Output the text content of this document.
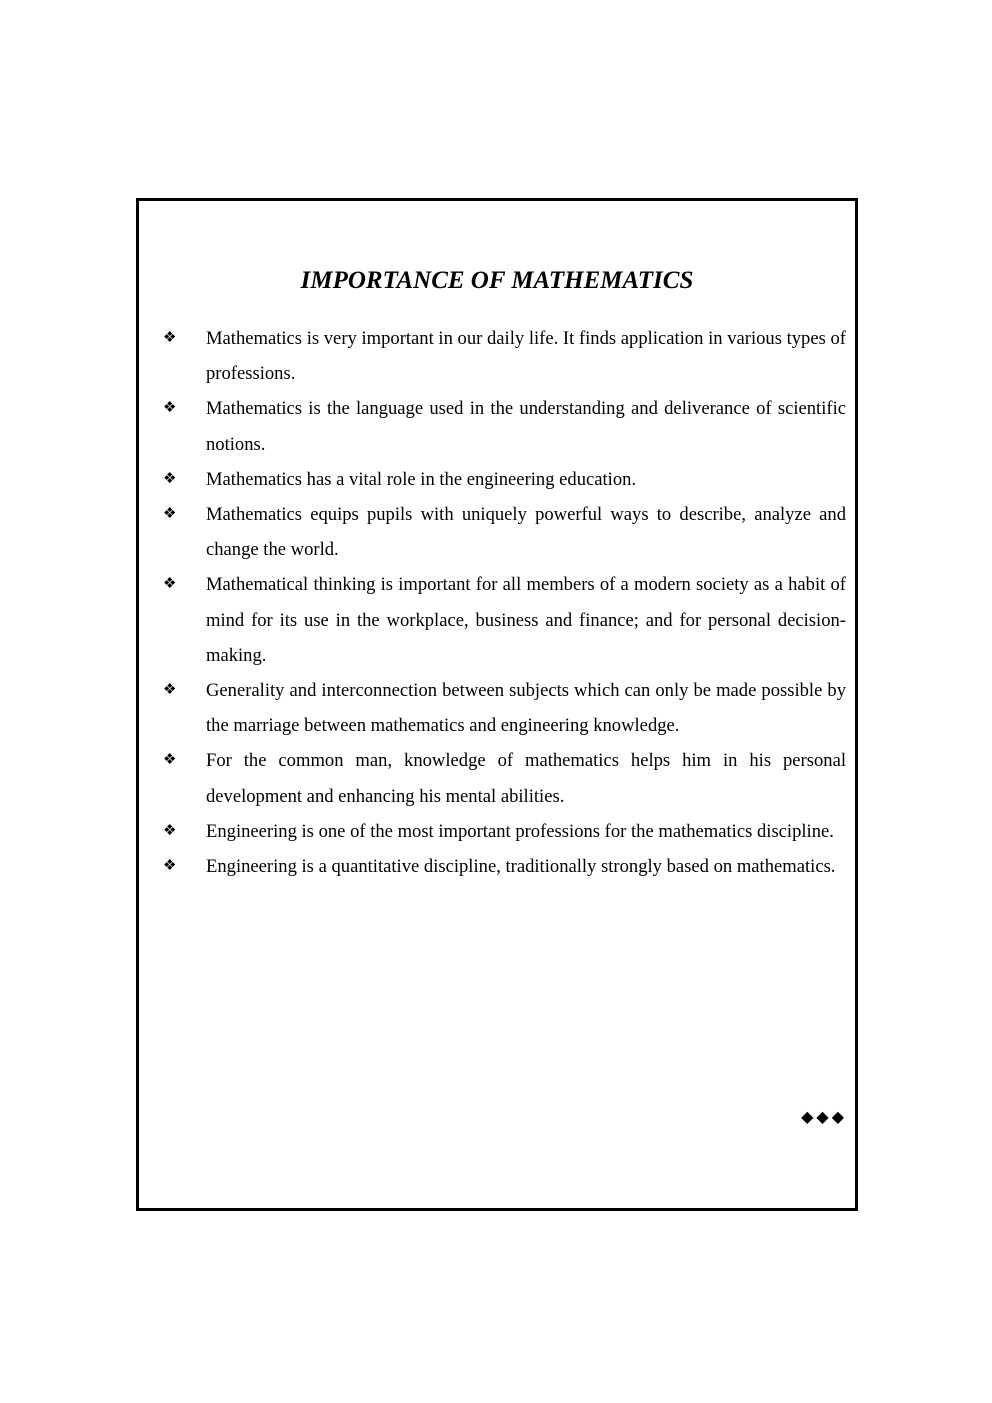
IMPORTANCE OF MATHEMATICS
❖ Mathematics is very important in our daily life. It finds application in various types of professions.
❖ Mathematics is the language used in the understanding and deliverance of scientific notions.
❖ Mathematics has a vital role in the engineering education.
❖ Mathematics equips pupils with uniquely powerful ways to describe, analyze and change the world.
❖ Mathematical thinking is important for all members of a modern society as a habit of mind for its use in the workplace, business and finance; and for personal decision-making.
❖ Generality and interconnection between subjects which can only be made possible by the marriage between mathematics and engineering knowledge.
❖ For the common man, knowledge of mathematics helps him in his personal development and enhancing his mental abilities.
❖ Engineering is one of the most important professions for the mathematics discipline.
❖ Engineering is a quantitative discipline, traditionally strongly based on mathematics.
◆◆◆
